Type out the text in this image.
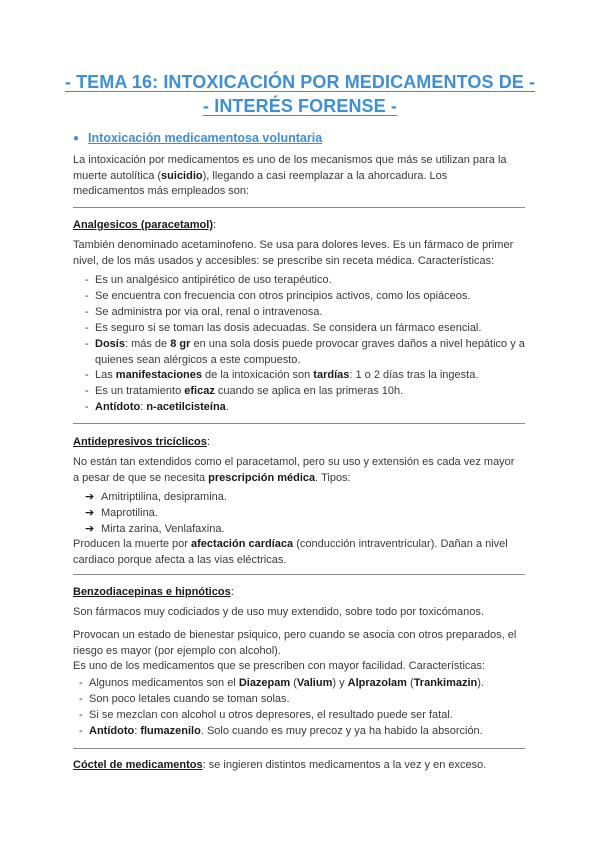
- TEMA 16: INTOXICACIÓN POR MEDICAMENTOS DE -
- INTERÉS FORENSE -
● Intoxicación medicamentosa voluntaria
La intoxicación por medicamentos es uno de los mecanismos que más se utilizan para la
muerte autolítica (suicidio), llegando a casi reemplazar a la ahorcadura. Los
medicamentos más empleados son:
Analgesicos (paracetamol):
También denominado acetaminofeno. Se usa para dolores leves. Es un fármaco de primer
nivel, de los más usados y accesibles: se prescribe sin receta médica. Características:
- Es un analgésico antipirético de uso terapéutico.
- Se encuentra con frecuencia con otros principios activos, como los opiáceos.
- Se administra por via oral, renal o intravenosa.
- Es seguro si se toman las dosis adecuadas. Se considera un fármaco esencial.
- Dosís: más de 8 gr en una sola dosis puede provocar graves daños a nivel hepático y a
quienes sean alérgicos a este compuesto.
- Las manifestaciones de la intoxicación son tardías: 1 o 2 días tras la ingesta.
- Es un tratamiento eficaz cuando se aplica en las primeras 10h.
- Antídoto: n-acetilcisteína.
Antidepresivos tricíclicos:
No están tan extendidos como el paracetamol, pero su uso y extensión es cada vez mayor
a pesar de que se necesita prescripción médica. Tipos:
➔ Amitriptilina, desipramina.
➔ Maprotilina.
➔ Mirta zarina, Venlafaxina.
Producen la muerte por afectación cardíaca (conducción intraventricular). Dañan a nivel
cardiaco porque afecta a las vias eléctricas.
Benzodiacepinas e hipnóticos:
Son fármacos muy codiciados y de uso muy extendido, sobre todo por toxicómanos.
Provocan un estado de bienestar psiquico, pero cuando se asocia con otros preparados, el
riesgo es mayor (por ejemplo con alcohol).
Es uno de los medicamentos que se prescriben con mayor facilidad. Características:
- Algunos medicamentos son el Diazepam (Valium) y Alprazolam (Trankimazin).
- Son poco letales cuando se toman solas.
- Si se mezclan con alcohol u otros depresores, el resultado puede ser fatal.
- Antídoto: flumazenilo. Solo cuando es muy precoz y ya ha habido la absorción.
Cóctel de medicamentos: se ingieren distintos medicamentos a la vez y en exceso.
